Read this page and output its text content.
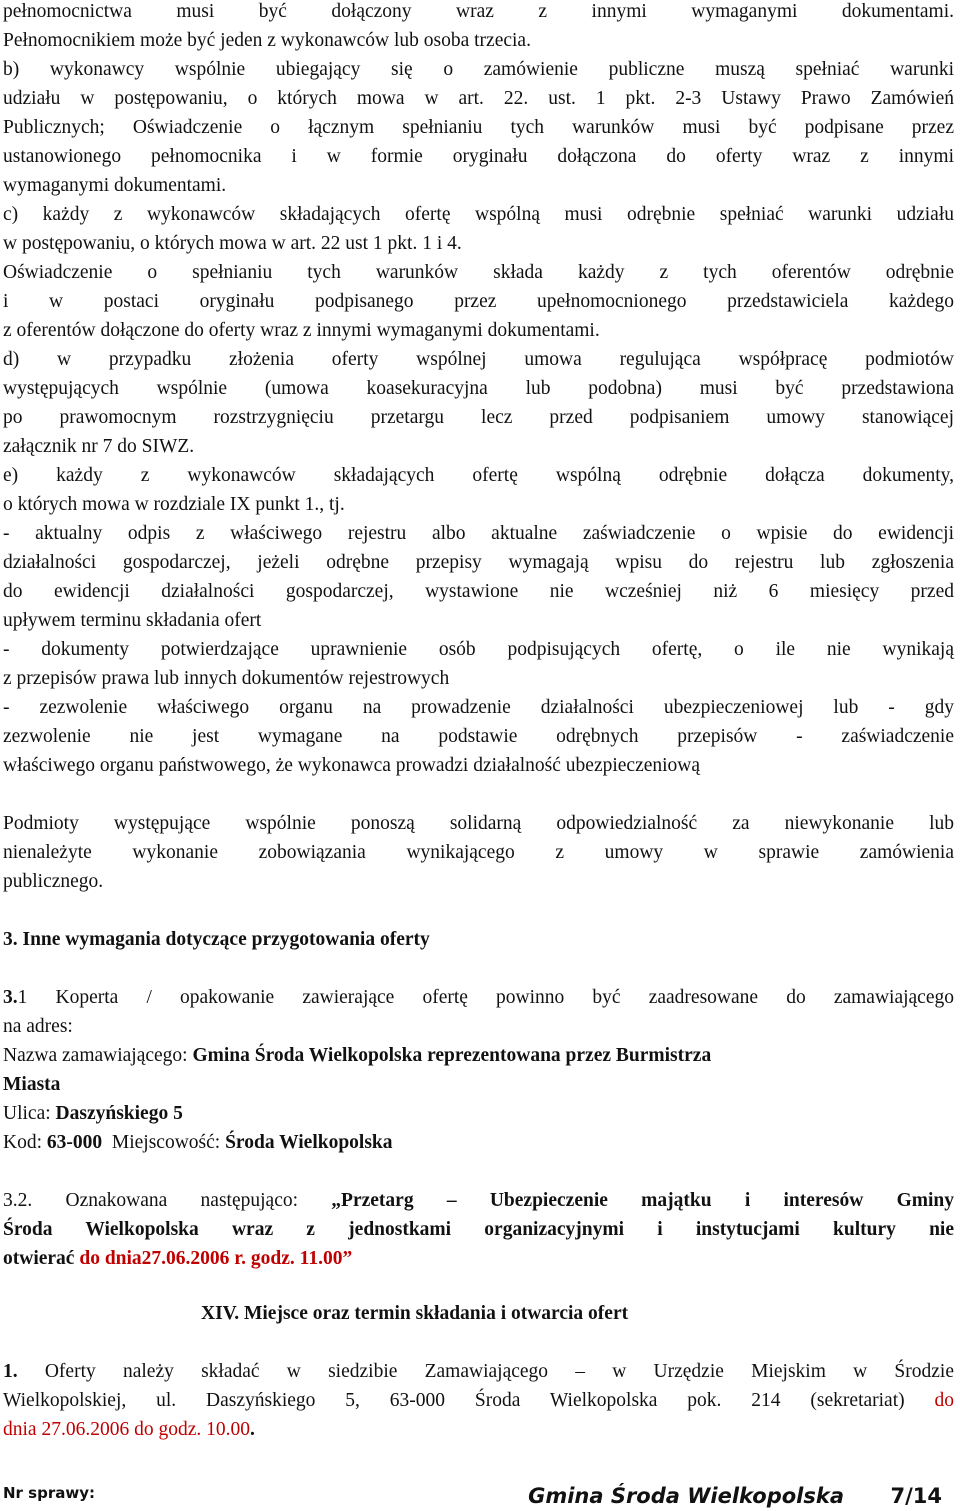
pełnomocnictwa musi być dołączony wraz z innymi wymaganymi dokumentami.
Pełnomocnikiem może być jeden z wykonawców lub osoba trzecia.
b) wykonawcy wspólnie ubiegający się o zamówienie publiczne muszą spełniać warunki
udziału w postępowaniu, o których mowa w art. 22. ust. 1 pkt. 2-3 Ustawy Prawo Zamówień
Publicznych; Oświadczenie o łącznym spełnianiu tych warunków musi być podpisane przez
ustanowionego pełnomocnika i w formie oryginału dołączona do oferty wraz z innymi
wymaganymi dokumentami.
c) każdy z wykonawców składających ofertę wspólną musi odrębnie spełniać warunki udziału
w postępowaniu, o których mowa w art. 22 ust 1 pkt. 1 i 4.
Oświadczenie o spełnianiu tych warunków składa każdy z tych oferentów odrębnie
i w postaci oryginału podpisanego przez upełnomocnionego przedstawiciela każdego
z oferentów dołączone do oferty wraz z innymi wymaganymi dokumentami.
d) w przypadku złożenia oferty wspólnej umowa regulująca współpracę podmiotów
występujących wspólnie (umowa koasekuracyjna lub podobna) musi być przedstawiona
po prawomocnym rozstrzygnięciu przetargu lecz przed podpisaniem umowy stanowiącej
załącznik nr 7 do SIWZ.
e) każdy z wykonawców składających ofertę wspólną odrębnie dołącza dokumenty,
o których mowa w rozdziale IX punkt 1., tj.
- aktualny odpis z właściwego rejestru albo aktualne zaświadczenie o wpisie do ewidencji
działalności gospodarczej, jeżeli odrębne przepisy wymagają wpisu do rejestru lub zgłoszenia
do ewidencji działalności gospodarczej, wystawione nie wcześniej niż 6 miesięcy przed
upływem terminu składania ofert
- dokumenty potwierdzające uprawnienie osób podpisujących ofertę, o ile nie wynikają
z przepisów prawa lub innych dokumentów rejestrowych
- zezwolenie właściwego organu na prowadzenie działalności ubezpieczeniowej lub - gdy
zezwolenie nie jest wymagane na podstawie odrębnych przepisów - zaświadczenie
właściwego organu państwowego, że wykonawca prowadzi działalność ubezpieczeniową
Podmioty występujące wspólnie ponoszą solidarną odpowiedzialność za niewykonanie lub
nienależyte wykonanie zobowiązania wynikającego z umowy w sprawie zamówienia
publicznego.
3. Inne wymagania dotyczące przygotowania oferty
3.1 Koperta / opakowanie zawierające ofertę powinno być zaadresowane do zamawiającego
na adres:
Nazwa zamawiającego: Gmina Środa Wielkopolska reprezentowana przez Burmistrza
Miasta
Ulica: Daszyńskiego 5
Kod: 63-000  Miejscowość: Środa Wielkopolska
3.2. Oznakowana następująco: „Przetarg – Ubezpieczenie majątku i interesów Gminy
Środa Wielkopolska wraz z jednostkami organizacyjnymi i instytucjami kultury nie
otwierać do dnia27.06.2006 r. godz. 11.00”
XIV. Miejsce oraz termin składania i otwarcia ofert
1. Oferty należy składać w siedzibie Zamawiającego – w Urzędzie Miejskim w Środzie
Wielkopolskiej, ul. Daszyńskiego 5, 63-000 Środa Wielkopolska pok. 214 (sekretariat) do
dnia 27.06.2006 do godz. 10.00.
Nr sprawy:	Gmina Środa Wielkopolska 7/14
